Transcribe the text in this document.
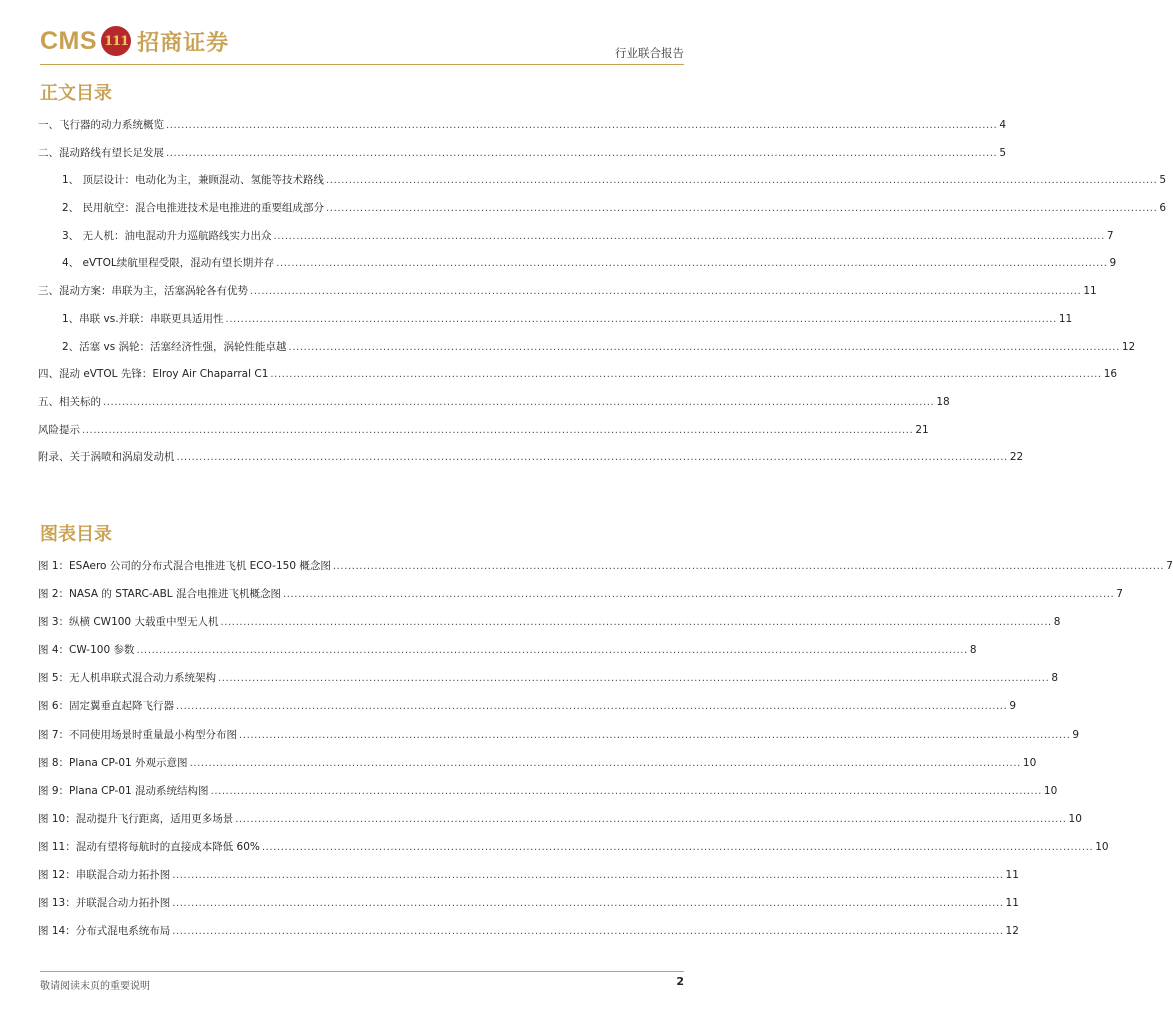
CMS 111 招商证券	行业联合报告
正文目录
一、飞行器的动力系统概览 ............................................................................................................................................................................................................................ 4
二、混动路线有望长足发展 ............................................................................................................................................................................................................................ 5
1、 顶层设计：电动化为主，兼顾混动、氢能等技术路线 ............................................................................................................................................................................................................................ 5
2、 民用航空：混合电推进技术是电推进的重要组成部分 ............................................................................................................................................................................................................................ 6
3、 无人机：油电混动升力巡航路线实力出众 ............................................................................................................................................................................................................................ 7
4、 eVTOL续航里程受限，混动有望长期并存 ............................................................................................................................................................................................................................ 9
三、混动方案：串联为主，活塞涡轮各有优势 ............................................................................................................................................................................................................................ 11
1、串联 vs.并联：串联更具适用性 ............................................................................................................................................................................................................................ 11
2、活塞 vs 涡轮：活塞经济性强，涡轮性能卓越 ............................................................................................................................................................................................................................ 12
四、混动 eVTOL 先锋：Elroy Air Chaparral C1 ............................................................................................................................................................................................................................ 16
五、相关标的 ............................................................................................................................................................................................................................ 18
风险提示 ............................................................................................................................................................................................................................ 21
附录、关于涡喷和涡扇发动机 ............................................................................................................................................................................................................................ 22
图表目录
图 1：ESAero 公司的分布式混合电推进飞机 ECO-150 概念图 ............................................................................................................................................................................................................................ 7
图 2：NASA 的 STARC-ABL 混合电推进飞机概念图 ............................................................................................................................................................................................................................ 7
图 3：纵横 CW100 大载重中型无人机 ............................................................................................................................................................................................................................ 8
图 4：CW-100 参数 ............................................................................................................................................................................................................................ 8
图 5：无人机串联式混合动力系统架构 ............................................................................................................................................................................................................................ 8
图 6：固定翼垂直起降飞行器 ............................................................................................................................................................................................................................ 9
图 7：不同使用场景时重量最小构型分布图 ............................................................................................................................................................................................................................ 9
图 8：Plana CP-01 外观示意图 ............................................................................................................................................................................................................................ 10
图 9：Plana CP-01 混动系统结构图 ............................................................................................................................................................................................................................ 10
图 10：混动提升飞行距离，适用更多场景 ............................................................................................................................................................................................................................ 10
图 11：混动有望将每航时的直接成本降低 60% ............................................................................................................................................................................................................................ 10
图 12：串联混合动力拓扑图 ............................................................................................................................................................................................................................ 11
图 13：并联混合动力拓扑图 ............................................................................................................................................................................................................................ 11
图 14：分布式混电系统布局 ............................................................................................................................................................................................................................ 12
敬请阅读末页的重要说明	2
